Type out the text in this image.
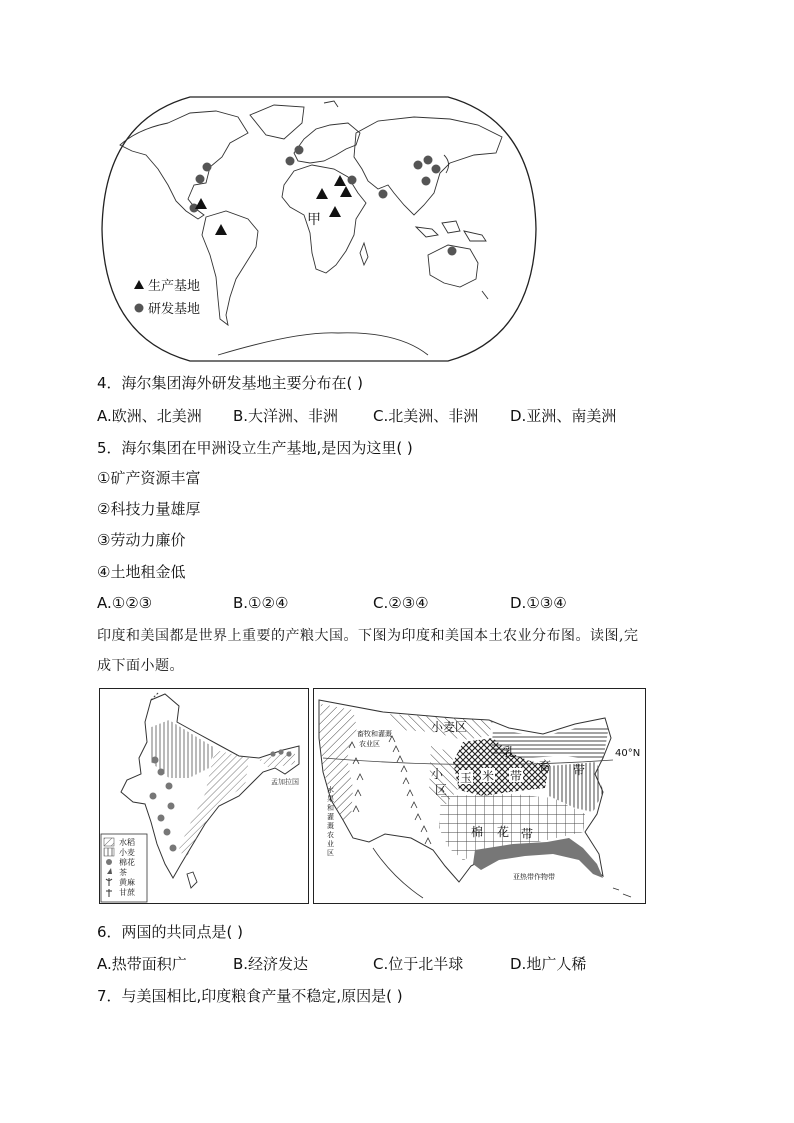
甲
生产基地
研发基地
4．海尔集团海外研发基地主要分布在( )
A.欧洲、北美洲 B.大洋洲、非洲 C.北美洲、非洲 D.亚洲、南美洲
5．海尔集团在甲洲设立生产基地,是因为这里( )
①矿产资源丰富
②科技力量雄厚
③劳动力廉价
④土地租金低
A.①②③	B.①②④	C.②③④	D.①③④
印度和美国都是世界上重要的产粮大国。下图为印度和美国本土农业分布图。读图,完
成下面小题。
孟加拉国
水稻
小麦
棉花
茶
黄麻
甘蔗
40°N
小麦区
乳
畜 带
玉 米 带
小
区
棉 花 带
畜牧和灌溉
农业区
水
果
和
灌
溉
农
业
区
亚热带作物带
6．两国的共同点是( )
A.热带面积广	B.经济发达	C.位于北半球	D.地广人稀
7．与美国相比,印度粮食产量不稳定,原因是( )
